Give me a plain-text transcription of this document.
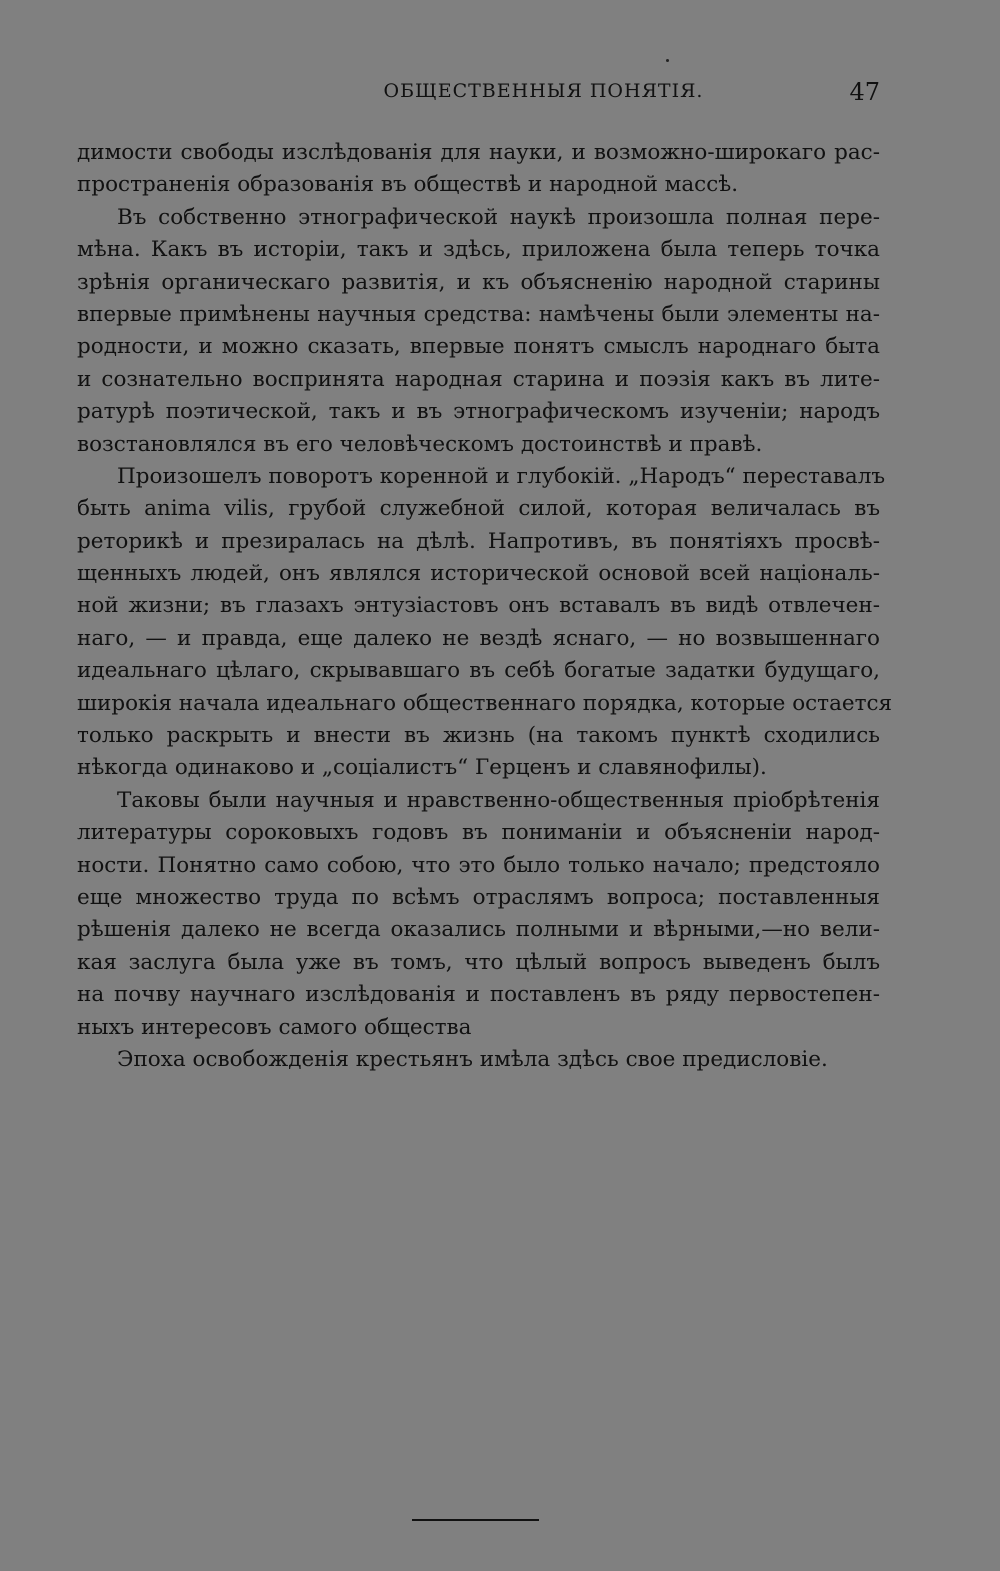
ОБЩЕСТВЕННЫЯ ПОНЯТІЯ.	47
димости свободы изслѣдованія для науки, и возможно-широкаго рас-
пространенія образованія въ обществѣ и народной массѣ.
Въ собственно этнографической наукѣ произошла полная пере-
мѣна. Какъ въ исторіи, такъ и здѣсь, приложена была теперь точка
зрѣнія органическаго развитія, и къ объясненію народной старины
впервые примѣнены научныя средства: намѣчены были элементы на-
родности, и можно сказать, впервые понятъ смыслъ народнаго быта
и сознательно воспринята народная старина и поэзія какъ въ лите-
ратурѣ поэтической, такъ и въ этнографическомъ изученіи; народъ
возстановлялся въ его человѣческомъ достоинствѣ и правѣ.
Произошелъ поворотъ коренной и глубокій. „Народъ“ переставалъ
быть anima vilis, грубой служебной силой, которая величалась въ
реторикѣ и презиралась на дѣлѣ. Напротивъ, въ понятіяхъ просвѣ-
щенныхъ людей, онъ являлся исторической основой всей національ-
ной жизни; въ глазахъ энтузіастовъ онъ вставалъ въ видѣ отвлечен-
наго, — и правда, еще далеко не вездѣ яснаго, — но возвышеннаго
идеальнаго цѣлаго, скрывавшаго въ себѣ богатые задатки будущаго,
широкія начала идеальнаго общественнаго порядка, которые остается
только раскрыть и внести въ жизнь (на такомъ пунктѣ сходились
нѣкогда одинаково и „соціалистъ“ Герценъ и славянофилы).
Таковы были научныя и нравственно-общественныя пріобрѣтенія
литературы сороковыхъ годовъ въ пониманіи и объясненіи народ-
ности. Понятно само собою, что это было только начало; предстояло
еще множество труда по всѣмъ отраслямъ вопроса; поставленныя
рѣшенія далеко не всегда оказались полными и вѣрными,—но вели-
кая заслуга была уже въ томъ, что цѣлый вопросъ выведенъ былъ
на почву научнаго изслѣдованія и поставленъ въ ряду первостепен-
ныхъ интересовъ самого общества
Эпоха освобожденія крестьянъ имѣла здѣсь свое предисловіе.
